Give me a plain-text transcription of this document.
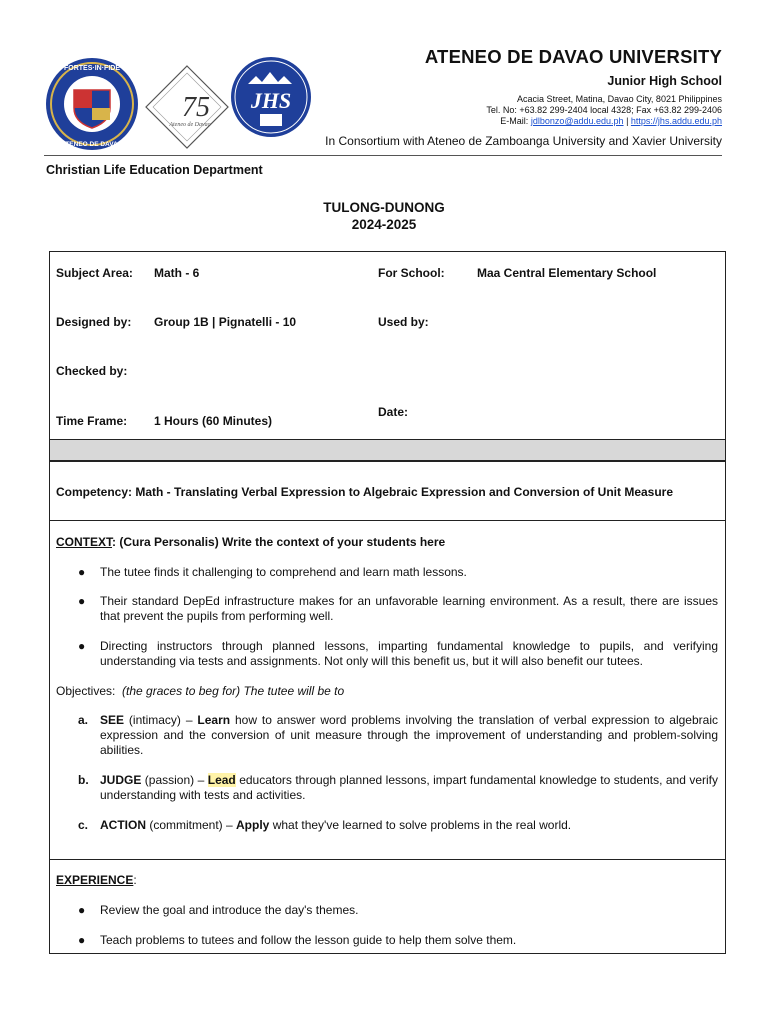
FORTES·IN·FIDE
ATENEO DE DAVAO
75
Ateneo de Davao
JHS
ATENEO DE DAVAO UNIVERSITY
Junior High School
Acacia Street, Matina, Davao City, 8021 Philippines
Tel. No: +63.82 299-2404 local 4328; Fax +63.82 299-2406
E-Mail: jdlbonzo@addu.edu.ph | https://jhs.addu.edu.ph
In Consortium with Ateneo de Zamboanga University and Xavier University
Christian Life Education Department
TULONG-DUNONG
2024-2025
Subject Area: Math - 6	For School:	Maa Central Elementary School
Designed by: Group 1B | Pignatelli - 10	Used by:
Checked by:
Time Frame: 1 Hours (60 Minutes)
Date:
Competency: Math - Translating Verbal Expression to Algebraic Expression and Conversion of Unit Measure
CONTEXT: (Cura Personalis) Write the context of your students here
● The tutee finds it challenging to comprehend and learn math lessons.
● Their standard DepEd infrastructure makes for an unfavorable learning environment. As a result, there are issues that prevent the pupils from performing well.
● Directing instructors through planned lessons, imparting fundamental knowledge to pupils, and verifying understanding via tests and assignments. Not only will this benefit us, but it will also benefit our tutees.
Objectives:  (the graces to beg for) The tutee will be to
a. SEE (intimacy) – Learn how to answer word problems involving the translation of verbal expression to algebraic expression and the conversion of unit measure through the improvement of understanding and problem-solving abilities.
b. JUDGE (passion) – Lead educators through planned lessons, impart fundamental knowledge to students, and verify understanding with tests and activities.
c. ACTION (commitment) – Apply what they've learned to solve problems in the real world.
EXPERIENCE:
● Review the goal and introduce the day's themes.
● Teach problems to tutees and follow the lesson guide to help them solve them.
